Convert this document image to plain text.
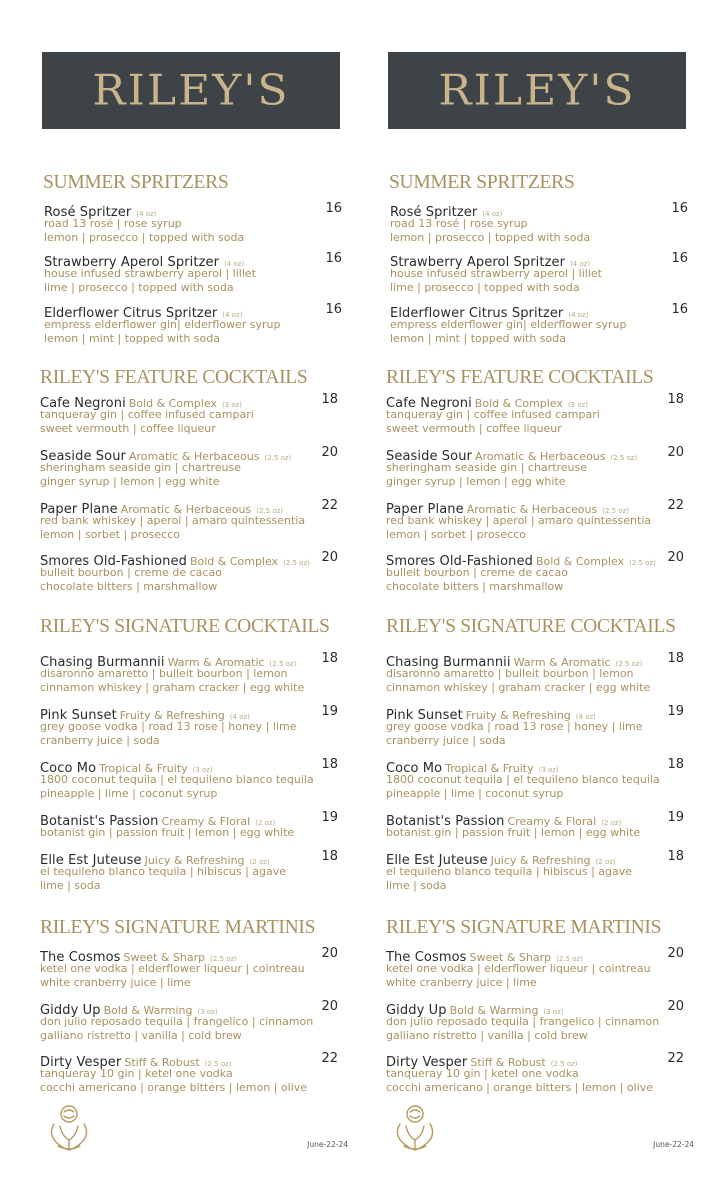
RILEY'S
SUMMER SPRITZERS
Rosé Spritzer (4 oz)	16
road 13 rosé | rose syrup
lemon | prosecco | topped with soda
Strawberry Aperol Spritzer (4 oz)	16
house infused strawberry aperol | lillet
lime | prosecco | topped with soda
Elderflower Citrus Spritzer (4 oz)	16
empress elderflower gin| elderflower syrup
lemon | mint | topped with soda
RILEY'S FEATURE COCKTAILS
Cafe Negroni Bold & Complex (3 oz)	18
tanqueray gin | coffee infused campari
sweet vermouth | coffee liqueur
Seaside Sour Aromatic & Herbaceous (2.5 oz) 20
sheringham seaside gin | chartreuse
ginger syrup | lemon | egg white
Paper Plane Aromatic & Herbaceous (2.5 oz)	22
red bank whiskey | aperol | amaro quintessentia
lemon | sorbet | prosecco
Smores Old-Fashioned Bold & Complex (2.5 oz) 20
bulleit bourbon | creme de cacao
chocolate bitters | marshmallow
RILEY'S SIGNATURE COCKTAILS
Chasing Burmannii Warm & Aromatic (2.5 oz) 18
disaronno amaretto | bulleit bourbon | lemon
cinnamon whiskey | graham cracker | egg white
Pink Sunset Fruity & Refreshing (4 oz)	19
grey goose vodka | road 13 rose | honey | lime
cranberry juice | soda
Coco Mo Tropical & Fruity (3 oz)	18
1800 coconut tequila | el tequileno blanco tequila
pineapple | lime | coconut syrup
Botanist's Passion Creamy & Floral (2 oz)	19
botanist gin | passion fruit | lemon | egg white
Elle Est Juteuse Juicy & Refreshing (2 oz)	18
el tequileno blanco tequila | hibiscus | agave
lime | soda
RILEY'S SIGNATURE MARTINIS
The Cosmos Sweet & Sharp (2.5 oz)	20
ketel one vodka | elderflower liqueur | cointreau
white cranberry juice | lime
Giddy Up Bold & Warming (3 oz)	20
don julio reposado tequila | frangelico | cinnamon
galliano ristretto | vanilla | cold brew
Dirty Vesper Stiff & Robust (2.5 oz)	22
tanqueray 10 gin | ketel one vodka
cocchi americano | orange bitters | lemon | olive
June-22-24
RILEY'S
SUMMER SPRITZERS
Rosé Spritzer (4 oz)	16
road 13 rosé | rose syrup
lemon | prosecco | topped with soda
Strawberry Aperol Spritzer (4 oz)	16
house infused strawberry aperol | lillet
lime | prosecco | topped with soda
Elderflower Citrus Spritzer (4 oz)	16
empress elderflower gin| elderflower syrup
lemon | mint | topped with soda
RILEY'S FEATURE COCKTAILS
Cafe Negroni Bold & Complex (3 oz)	18
tanqueray gin | coffee infused campari
sweet vermouth | coffee liqueur
Seaside Sour Aromatic & Herbaceous (2.5 oz) 20
sheringham seaside gin | chartreuse
ginger syrup | lemon | egg white
Paper Plane Aromatic & Herbaceous (2.5 oz)	22
red bank whiskey | aperol | amaro quintessentia
lemon | sorbet | prosecco
Smores Old-Fashioned Bold & Complex (2.5 oz) 20
bulleit bourbon | creme de cacao
chocolate bitters | marshmallow
RILEY'S SIGNATURE COCKTAILS
Chasing Burmannii Warm & Aromatic (2.5 oz) 18
disaronno amaretto | bulleit bourbon | lemon
cinnamon whiskey | graham cracker | egg white
Pink Sunset Fruity & Refreshing (4 oz)	19
grey goose vodka | road 13 rose | honey | lime
cranberry juice | soda
Coco Mo Tropical & Fruity (3 oz)	18
1800 coconut tequila | el tequileno blanco tequila
pineapple | lime | coconut syrup
Botanist's Passion Creamy & Floral (2 oz)	19
botanist gin | passion fruit | lemon | egg white
Elle Est Juteuse Juicy & Refreshing (2 oz)	18
el tequileno blanco tequila | hibiscus | agave
lime | soda
RILEY'S SIGNATURE MARTINIS
The Cosmos Sweet & Sharp (2.5 oz)	20
ketel one vodka | elderflower liqueur | cointreau
white cranberry juice | lime
Giddy Up Bold & Warming (3 oz)	20
don julio reposado tequila | frangelico | cinnamon
galliano ristretto | vanilla | cold brew
Dirty Vesper Stiff & Robust (2.5 oz)	22
tanqueray 10 gin | ketel one vodka
cocchi americano | orange bitters | lemon | olive
June-22-24
